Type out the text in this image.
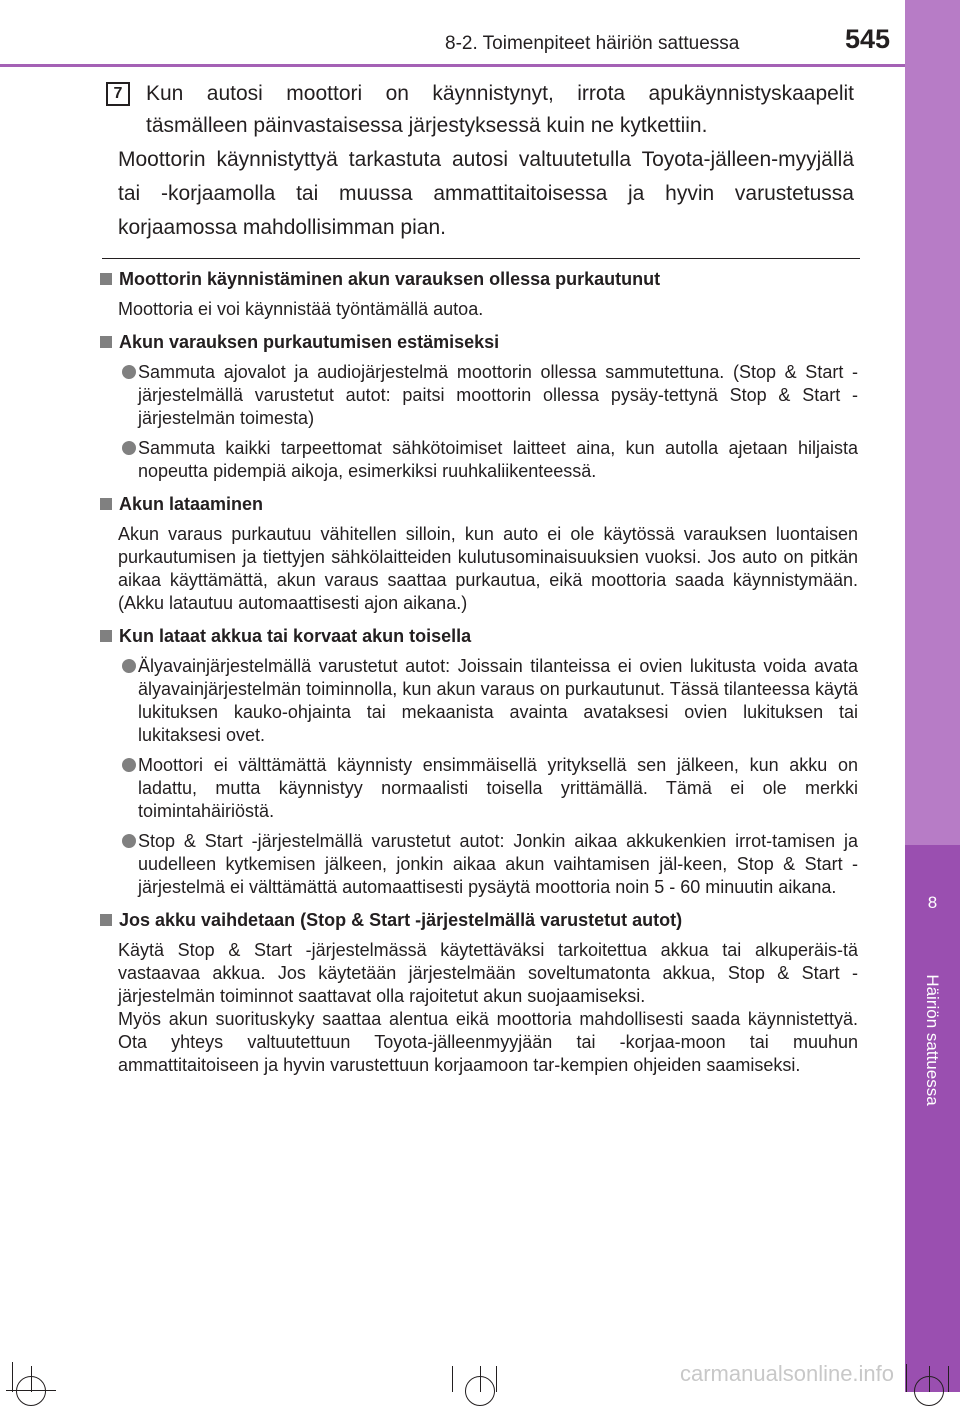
8
Häiriön sattuessa
8-2. Toimenpiteet häiriön sattuessa	545
7	Kun autosi moottori on käynnistynyt, irrota apukäynnistyskaapelit täsmälleen päinvastaisessa järjestyksessä kuin ne kytkettiin.
Moottorin käynnistyttyä tarkastuta autosi valtuutetulla Toyota-jälleen-myyjällä tai -korjaamolla tai muussa ammattitaitoisessa ja hyvin varustetussa korjaamossa mahdollisimman pian.
Moottorin käynnistäminen akun varauksen ollessa purkautunut
Moottoria ei voi käynnistää työntämällä autoa.
Akun varauksen purkautumisen estämiseksi
Sammuta ajovalot ja audiojärjestelmä moottorin ollessa sammutettuna. (Stop & Start -järjestelmällä varustetut autot: paitsi moottorin ollessa pysäy-tettynä Stop & Start -järjestelmän toimesta)
Sammuta kaikki tarpeettomat sähkötoimiset laitteet aina, kun autolla ajetaan hiljaista nopeutta pidempiä aikoja, esimerkiksi ruuhkaliikenteessä.
Akun lataaminen
Akun varaus purkautuu vähitellen silloin, kun auto ei ole käytössä varauksen luontaisen purkautumisen ja tiettyjen sähkölaitteiden kulutusominaisuuksien vuoksi. Jos auto on pitkän aikaa käyttämättä, akun varaus saattaa purkautua, eikä moottoria saada käynnistymään. (Akku latautuu automaattisesti ajon aikana.)
Kun lataat akkua tai korvaat akun toisella
Älyavainjärjestelmällä varustetut autot: Joissain tilanteissa ei ovien lukitusta voida avata älyavainjärjestelmän toiminnolla, kun akun varaus on purkautunut. Tässä tilanteessa käytä lukituksen kauko-ohjainta tai mekaanista avainta avataksesi ovien lukituksen tai lukitaksesi ovet.
Moottori ei välttämättä käynnisty ensimmäisellä yrityksellä sen jälkeen, kun akku on ladattu, mutta käynnistyy normaalisti toisella yrittämällä. Tämä ei ole merkki toimintahäiriöstä.
Stop & Start -järjestelmällä varustetut autot: Jonkin aikaa akkukenkien irrot-tamisen ja uudelleen kytkemisen jälkeen, jonkin aikaa akun vaihtamisen jäl-keen, Stop & Start -järjestelmä ei välttämättä automaattisesti pysäytä moottoria noin 5 - 60 minuutin aikana.
Jos akku vaihdetaan (Stop & Start -järjestelmällä varustetut autot)
Käytä Stop & Start -järjestelmässä käytettäväksi tarkoitettua akkua tai alkuperäis-tä vastaavaa akkua. Jos käytetään järjestelmään soveltumatonta akkua, Stop & Start -järjestelmän toiminnot saattavat olla rajoitetut akun suojaamiseksi.
Myös akun suorituskyky saattaa alentua eikä moottoria mahdollisesti saada käynnistettyä. Ota yhteys valtuutettuun Toyota-jälleenmyyjään tai -korjaa-moon tai muuhun ammattitaitoiseen ja hyvin varustettuun korjaamoon tar-kempien ohjeiden saamiseksi.
carmanualsonline.info
